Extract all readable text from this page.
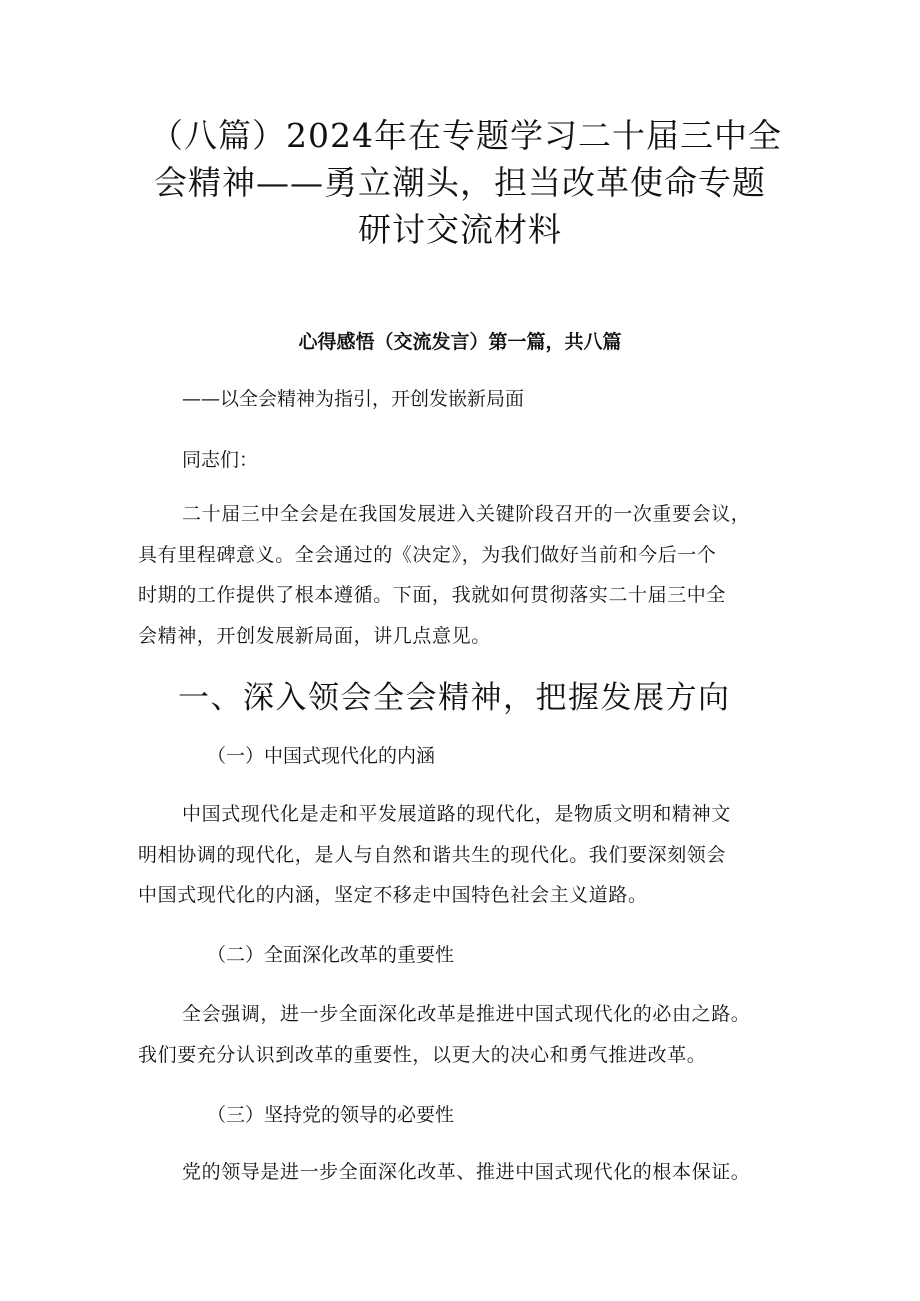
（八篇）2024年在专题学习二十届三中全
会精神——勇立潮头，担当改革使命专题
研讨交流材料
心得感悟（交流发言）第一篇，共八篇
——以全会精神为指引，开创发嵌新局面
同志们：
二十届三中全会是在我国发展进入关键阶段召开的一次重要会议，
具有里程碑意义。全会通过的《决定》，为我们做好当前和今后一个
时期的工作提供了根本遵循。下面，我就如何贯彻落实二十届三中全
会精神，开创发展新局面，讲几点意见。
一、深入领会全会精神，把握发展方向
（一）中国式现代化的内涵
中国式现代化是走和平发展道路的现代化，是物质文明和精神文
明相协调的现代化，是人与自然和谐共生的现代化。我们要深刻领会
中国式现代化的内涵，坚定不移走中国特色社会主义道路。
（二）全面深化改革的重要性
全会强调，进一步全面深化改革是推进中国式现代化的必由之路。
我们要充分认识到改革的重要性，以更大的决心和勇气推进改革。
（三）坚持党的领导的必要性
党的领导是进一步全面深化改革、推进中国式现代化的根本保证。
